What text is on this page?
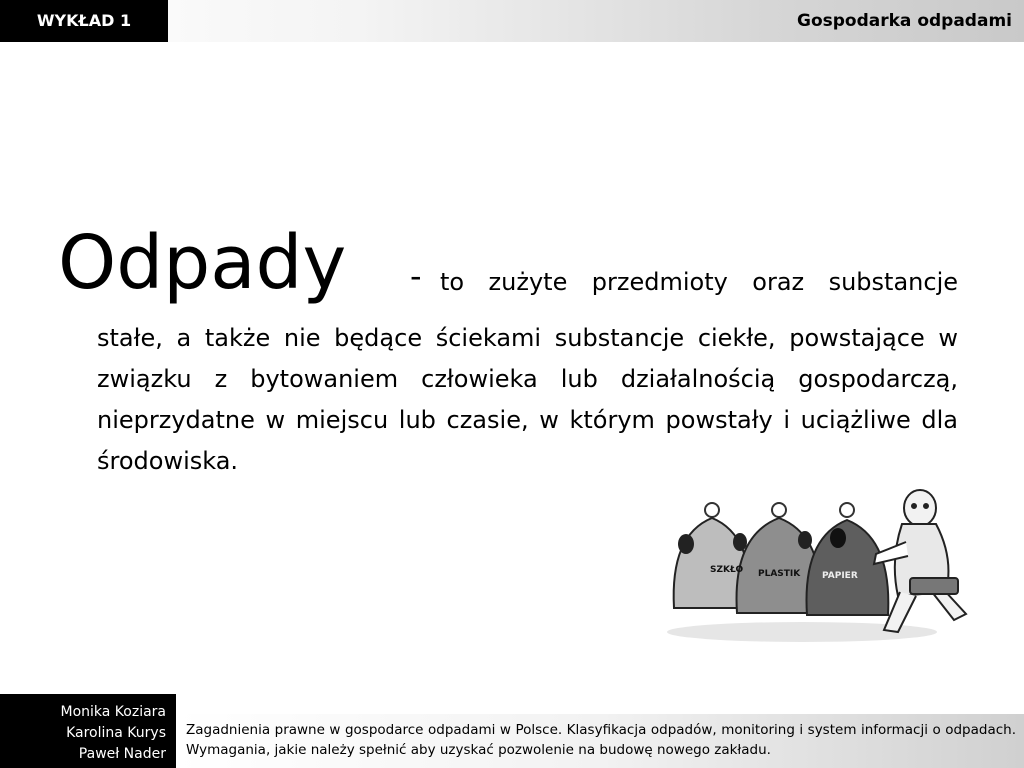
WYKŁAD 1	Gospodarka odpadami
Odpady - to zużyte przedmioty oraz substancje
stałe, a także nie będące ściekami substancje ciekłe, powstające w związku z bytowaniem człowieka lub działalnością gospodarczą, nieprzydatne w miejscu lub czasie, w którym powstały i uciążliwe dla środowiska.
SZKŁO PLASTIK PAPIER
Monika Koziara
Karolina Kurys
Paweł Nader
Zagadnienia prawne w gospodarce odpadami w Polsce. Klasyfikacja odpadów, monitoring i system informacji o odpadach. Wymagania, jakie należy spełnić aby uzyskać pozwolenie na budowę nowego zakładu.
